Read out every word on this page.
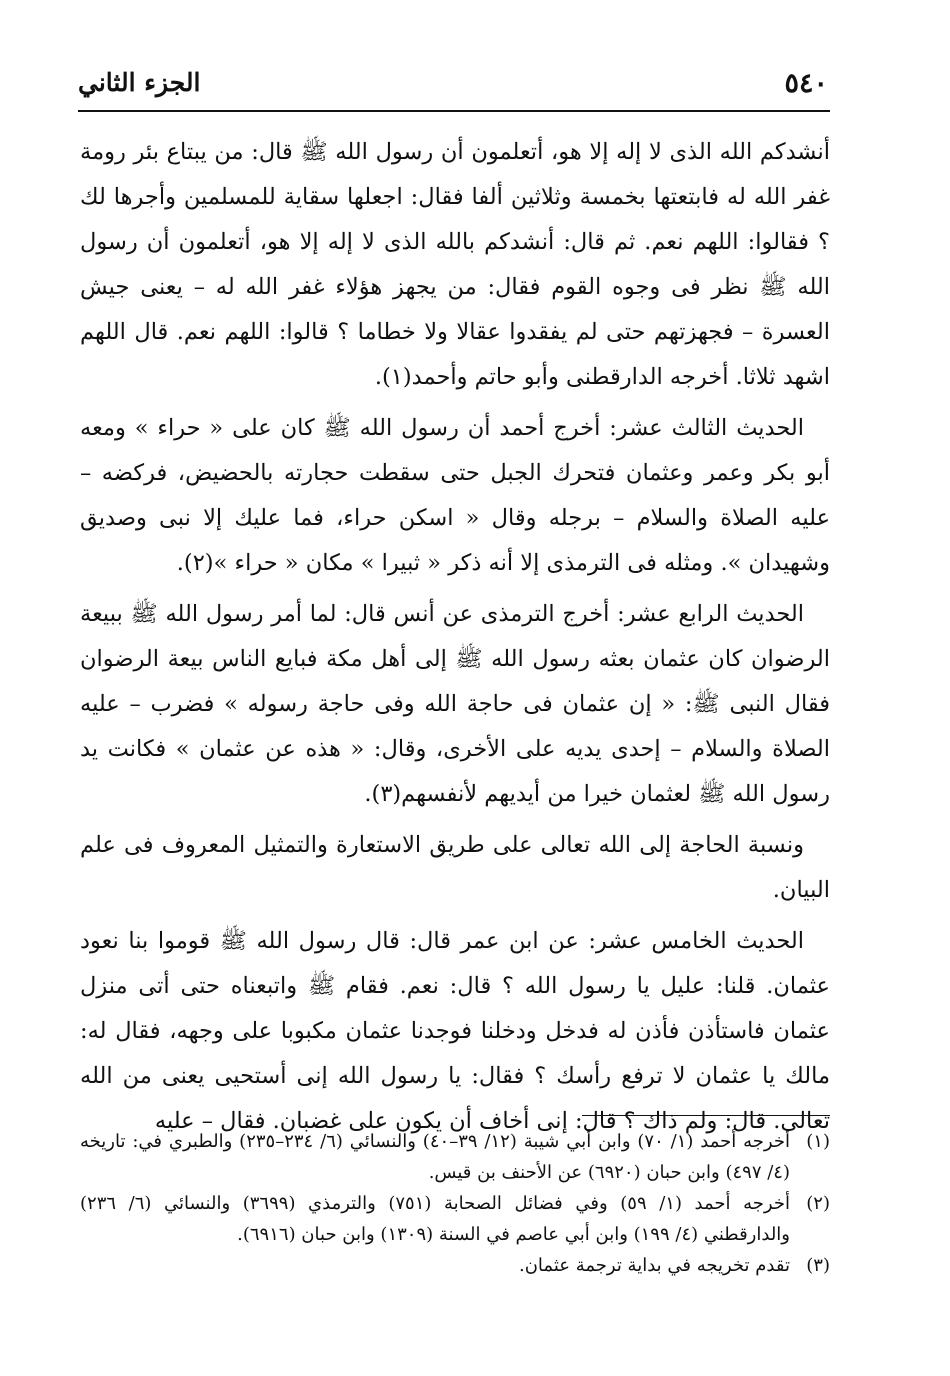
٥٤٠
الجزء الثاني

أنشدكم الله الذى لا إله إلا هو، أتعلمون أن رسول الله ﷺ قال: من يبتاع بئر رومة غفر الله له فابتعتها بخمسة وثلاثين ألفا فقال: اجعلها سقاية للمسلمين وأجرها لك ؟ فقالوا: اللهم نعم. ثم قال: أنشدكم بالله الذى لا إله إلا هو، أتعلمون أن رسول الله ﷺ نظر فى وجوه القوم فقال: من يجهز هؤلاء غفر الله له – يعنى جيش العسرة – فجهزتهم حتى لم يفقدوا عقالا ولا خطاما ؟ قالوا: اللهم نعم. قال اللهم اشهد ثلاثا. أخرجه الدارقطنى وأبو حاتم وأحمد(١).

الحديث الثالث عشر: أخرج أحمد أن رسول الله ﷺ كان على « حراء » ومعه أبو بكر وعمر وعثمان فتحرك الجبل حتى سقطت حجارته بالحضيض، فركضه – عليه الصلاة والسلام – برجله وقال « اسكن حراء، فما عليك إلا نبى وصديق وشهيدان ». ومثله فى الترمذى إلا أنه ذكر « ثبيرا » مكان « حراء »(٢).

الحديث الرابع عشر: أخرج الترمذى عن أنس قال: لما أمر رسول الله ﷺ ببيعة الرضوان كان عثمان بعثه رسول الله ﷺ إلى أهل مكة فبايع الناس بيعة الرضوان فقال النبى ﷺ: « إن عثمان فى حاجة الله وفى حاجة رسوله » فضرب – عليه الصلاة والسلام – إحدى يديه على الأخرى، وقال: « هذه عن عثمان » فكانت يد رسول الله ﷺ لعثمان خيرا من أيديهم لأنفسهم(٣).

ونسبة الحاجة إلى الله تعالى على طريق الاستعارة والتمثيل المعروف فى علم البيان.

الحديث الخامس عشر: عن ابن عمر قال: قال رسول الله ﷺ قوموا بنا نعود عثمان. قلنا: عليل يا رسول الله ؟ قال: نعم. فقام ﷺ واتبعناه حتى أتى منزل عثمان فاستأذن فأذن له فدخل ودخلنا فوجدنا عثمان مكبوبا على وجهه، فقال له: مالك يا عثمان لا ترفع رأسك ؟ فقال: يا رسول الله إنى أستحيى يعنى من الله تعالى. قال: ولم ذاك ؟ قال: إنى أخاف أن يكون على غضبان. فقال – عليه

(١)
أخرجه أحمد (١/ ٧٠) وابن أبي شيبة (١٢/ ٣٩–٤٠) والنسائي (٦/ ٢٣٤–٢٣٥) والطبري في: تاريخه (٤/ ٤٩٧) وابن حبان (٦٩٢٠) عن الأحنف بن قيس.
(٢)
أخرجه أحمد (١/ ٥٩) وفي فضائل الصحابة (٧٥١) والترمذي (٣٦٩٩) والنسائي (٦/ ٢٣٦) والدارقطني (٤/ ١٩٩) وابن أبي عاصم في السنة (١٣٠٩) وابن حبان (٦٩١٦).
(٣)
تقدم تخريجه في بداية ترجمة عثمان.
